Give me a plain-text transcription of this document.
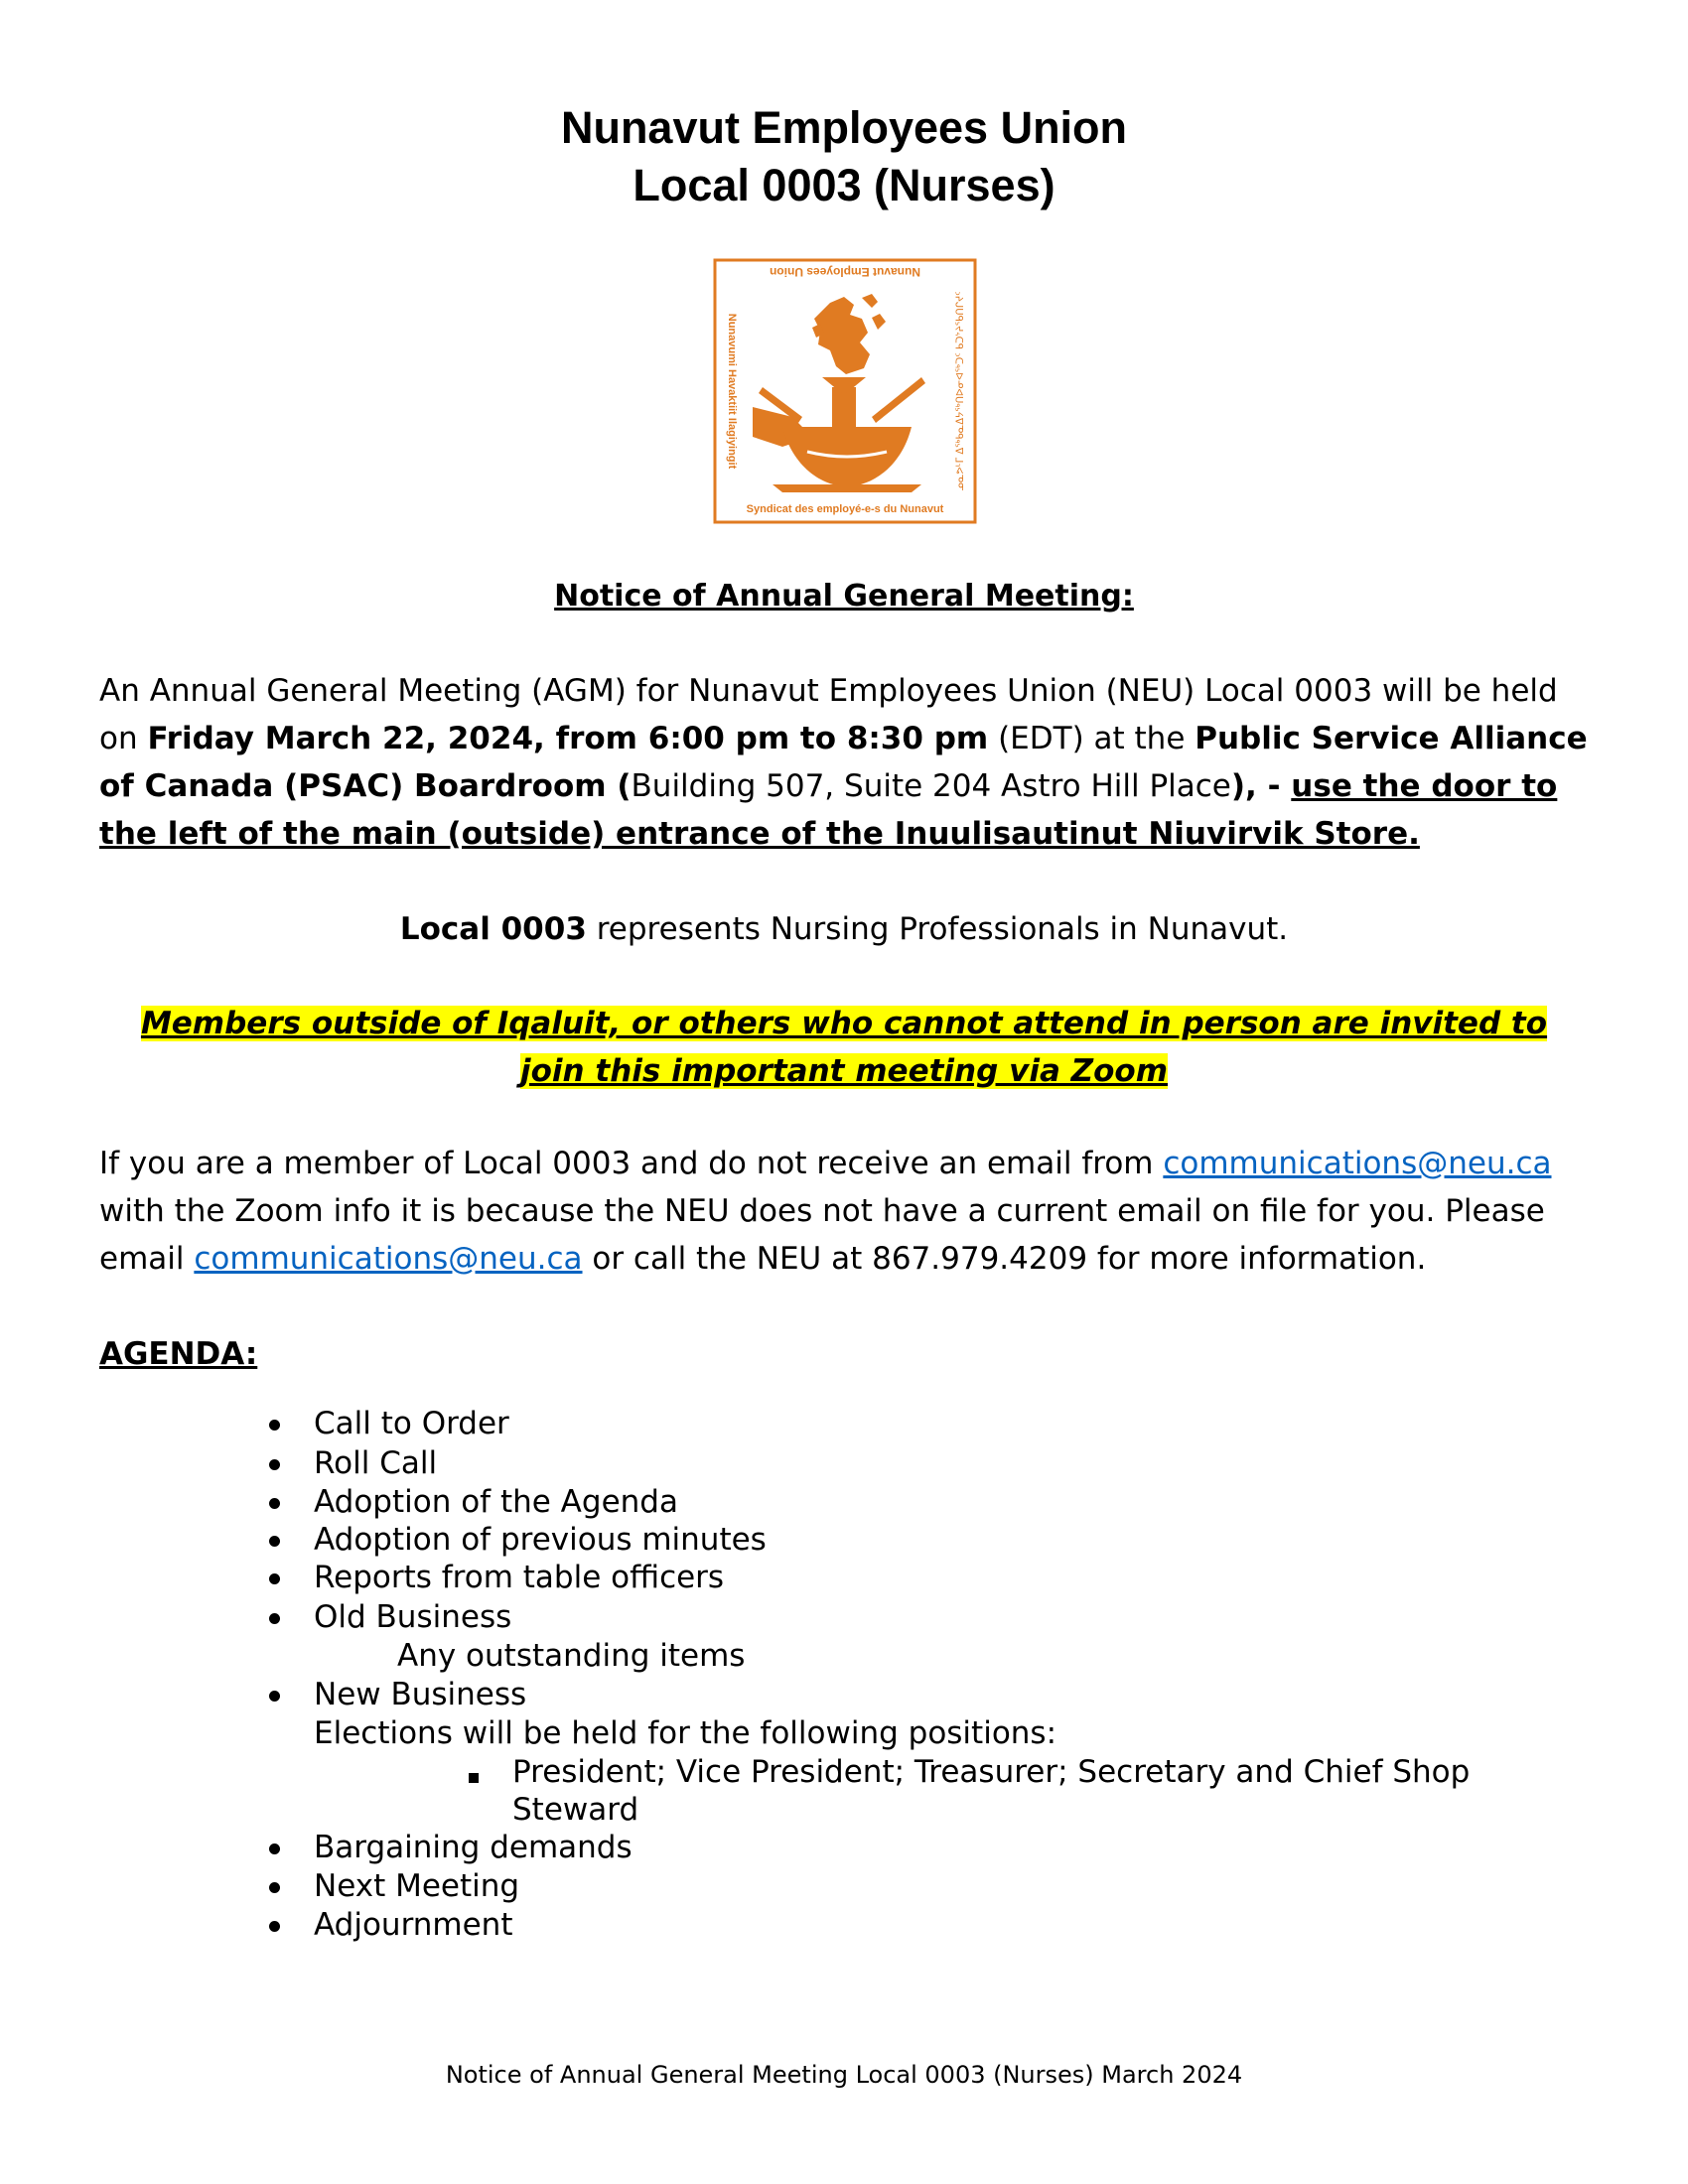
Nunavut Employees Union
Local 0003 (Nurses)
Nunavut Employees Union
Syndicat des employé-e-s du Nunavut
Nunavumi Havaktiit Ilagiyingit	ᓄᓇᕗᒻᒥ ᐃᖅᑲᓇᐃᔭᖅᑎᐅᓂᐊᖅᑐᑦ ᑲᑐᔾᔨᖃᑎᒋᔪᑦ
Notice of Annual General Meeting:
An Annual General Meeting (AGM) for Nunavut Employees Union (NEU) Local 0003 will be held on Friday March 22, 2024, from 6:00 pm to 8:30 pm (EDT) at the Public Service Alliance of Canada (PSAC) Boardroom (Building 507, Suite 204 Astro Hill Place), - use the door to the left of the main (outside) entrance of the Inuulisautinut Niuvirvik Store.
Local 0003 represents Nursing Professionals in Nunavut.
Members outside of Iqaluit, or others who cannot attend in person are invited to join this important meeting via Zoom
If you are a member of Local 0003 and do not receive an email from communications@neu.ca with the Zoom info it is because the NEU does not have a current email on file for you. Please email communications@neu.ca or call the NEU at 867.979.4209 for more information.
AGENDA:
Call to Order
Roll Call
Adoption of the Agenda
Adoption of previous minutes
Reports from table officers
Old Business
Any outstanding items
New Business
Elections will be held for the following positions:
President; Vice President; Treasurer; Secretary and Chief Shop
Steward
Bargaining demands
Next Meeting
Adjournment
Notice of Annual General Meeting Local 0003 (Nurses) March 2024
